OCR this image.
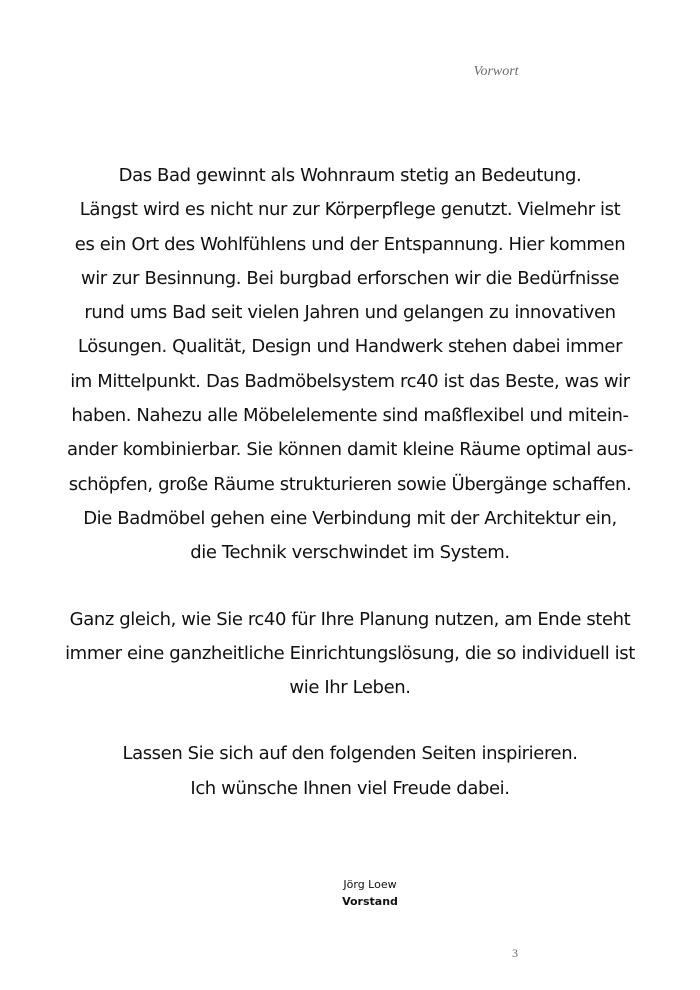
Vorwort

Das Bad gewinnt als Wohnraum stetig an Bedeutung.
Längst wird es nicht nur zur Körperpflege genutzt. Vielmehr ist
es ein Ort des Wohlfühlens und der Entspannung. Hier kommen
wir zur Besinnung. Bei burgbad erforschen wir die Bedürfnisse
rund ums Bad seit vielen Jahren und gelangen zu innovativen
Lösungen. Qualität, Design und Handwerk stehen dabei immer
im Mittelpunkt. Das Badmöbelsystem rc40 ist das Beste, was wir
haben. Nahezu alle Möbelelemente sind maßflexibel und mitein-
ander kombinierbar. Sie können damit kleine Räume optimal aus-
schöpfen, große Räume strukturieren sowie Übergänge schaffen.
Die Badmöbel gehen eine Verbindung mit der Architektur ein,
die Technik verschwindet im System.

Ganz gleich, wie Sie rc40 für Ihre Planung nutzen, am Ende steht
immer eine ganzheitliche Einrichtungslösung, die so individuell ist
wie Ihr Leben.

Lassen Sie sich auf den folgenden Seiten inspirieren.
Ich wünsche Ihnen viel Freude dabei.

Jörg Loew
Vorstand
3
